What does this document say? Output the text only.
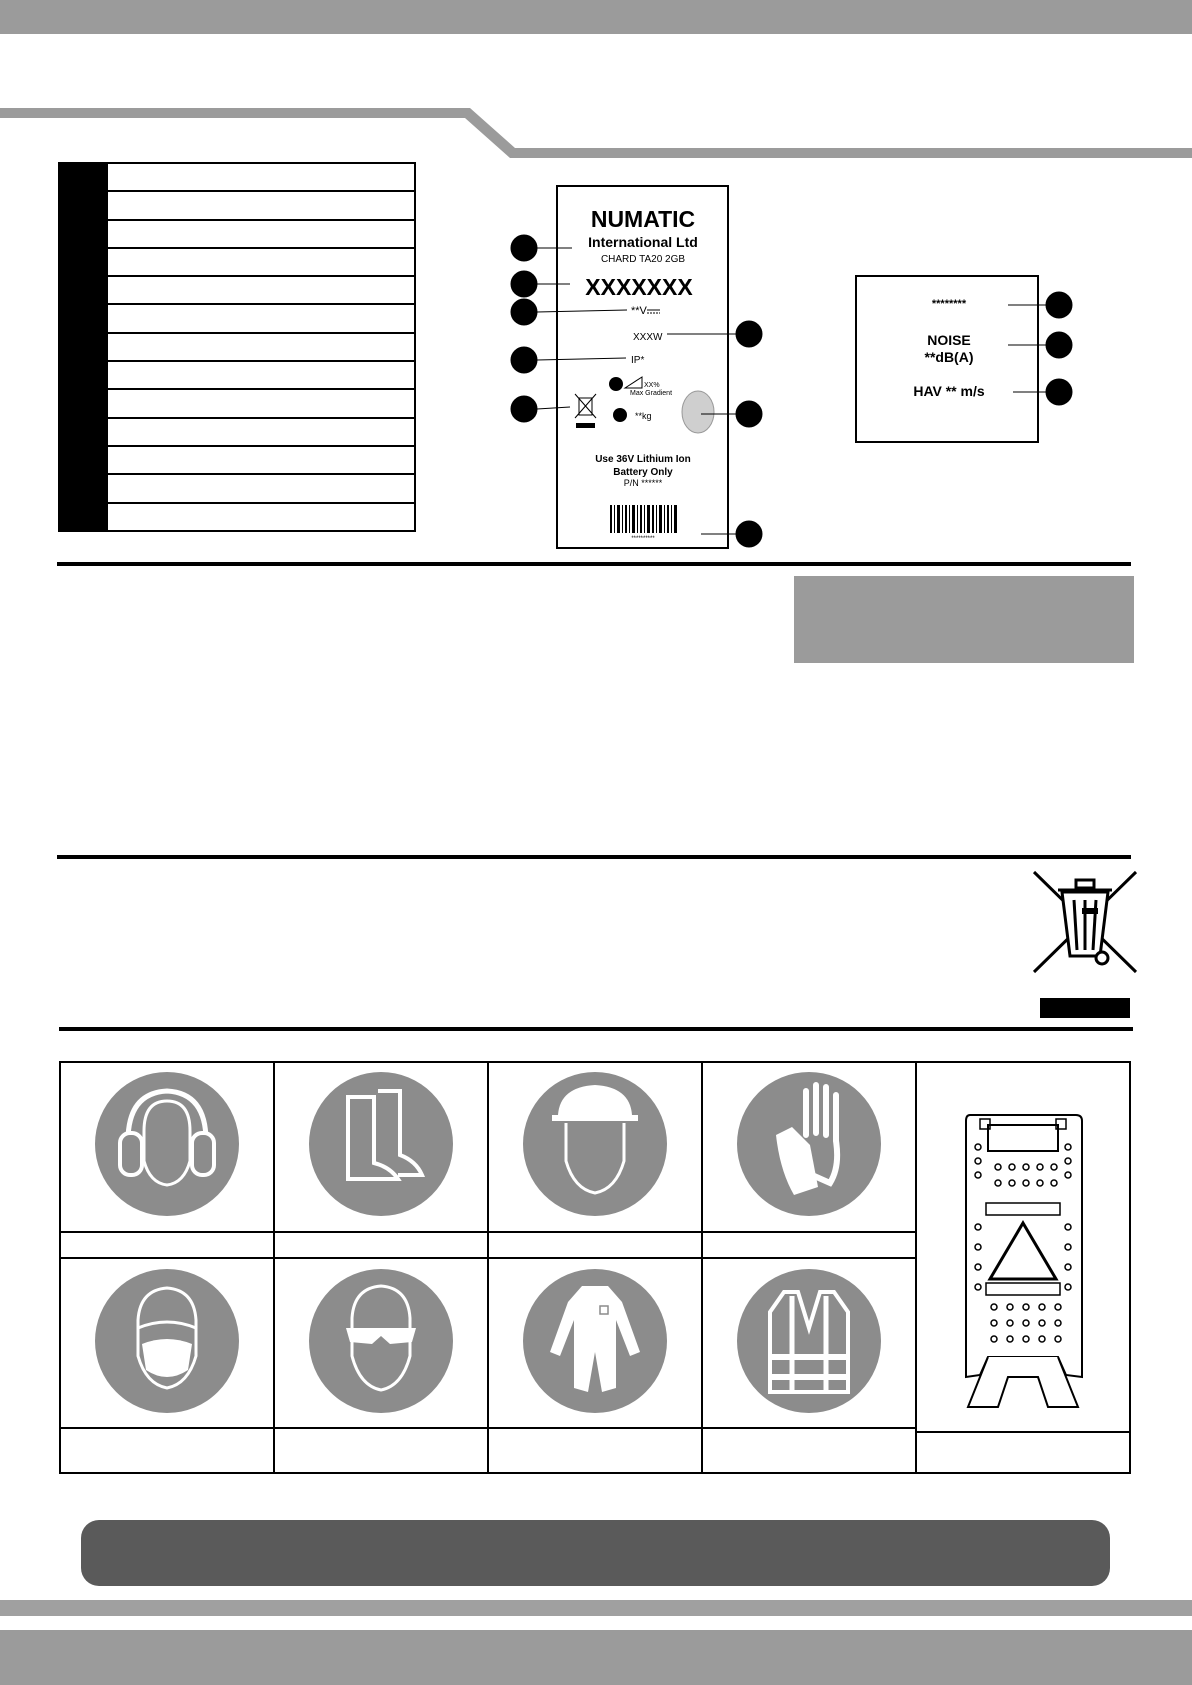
NUMATIC
International Ltd
CHARD TA20 2GB
XXXXXXX
**V
XXXW
IP*
XX%
Max Gradient
**kg
Use 36V Lithium Ion
Battery Only
P/N ******
**********
********
NOISE
**dB(A)
HAV ** m/s
